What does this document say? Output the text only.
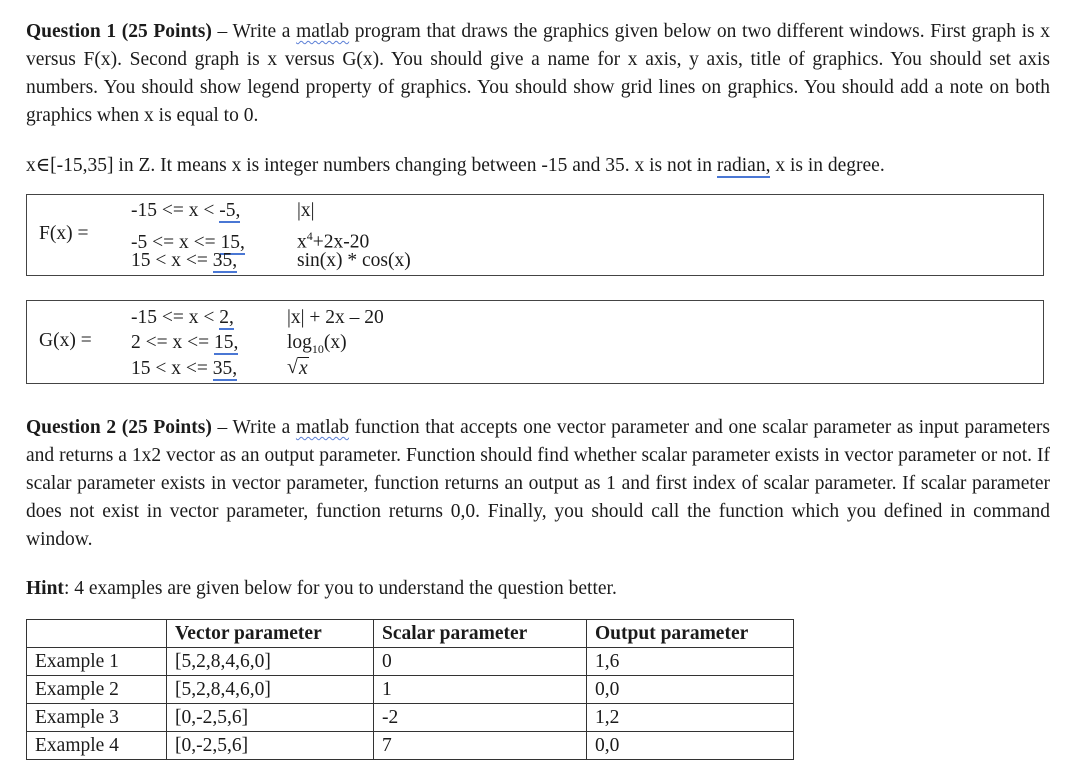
Question 1 (25 Points) – Write a matlab program that draws the graphics given below on two different windows. First graph is x versus F(x). Second graph is x versus G(x). You should give a name for x axis, y axis, title of graphics. You should set axis numbers. You should show legend property of graphics. You should show grid lines on graphics. You should add a note on both graphics when x is equal to 0.
x∈[-15,35] in Z. It means x is integer numbers changing between -15 and 35. x is not in radian, x is in degree.
F(x) =
-15 <= x < -5,	|x|
-5 <= x <= 15,	$x^4+2x-20$
15 < x <= 35,	sin(x) * cos(x)
G(x) =
-15 <= x < 2,	|x| + 2x – 20
2 <= x <= 15, $\log_{10}(x)$
15 < x <= 35, √ x
Question 2 (25 Points) – Write a matlab function that accepts one vector parameter and one scalar parameter as input parameters and returns a 1x2 vector as an output parameter. Function should find whether scalar parameter exists in vector parameter or not. If scalar parameter exists in vector parameter, function returns an output as 1 and first index of scalar parameter. If scalar parameter does not exist in vector parameter, function returns 0,0. Finally, you should call the function which you defined in command window.
Hint: 4 examples are given below for you to understand the question better.
	Vector parameter	Scalar parameter	Output parameter
Example 1	[5,2,8,4,6,0]	0	1,6
Example 2	[5,2,8,4,6,0]	1	0,0
Example 3	[0,-2,5,6]	-2	1,2
Example 4	[0,-2,5,6]	7	0,0
